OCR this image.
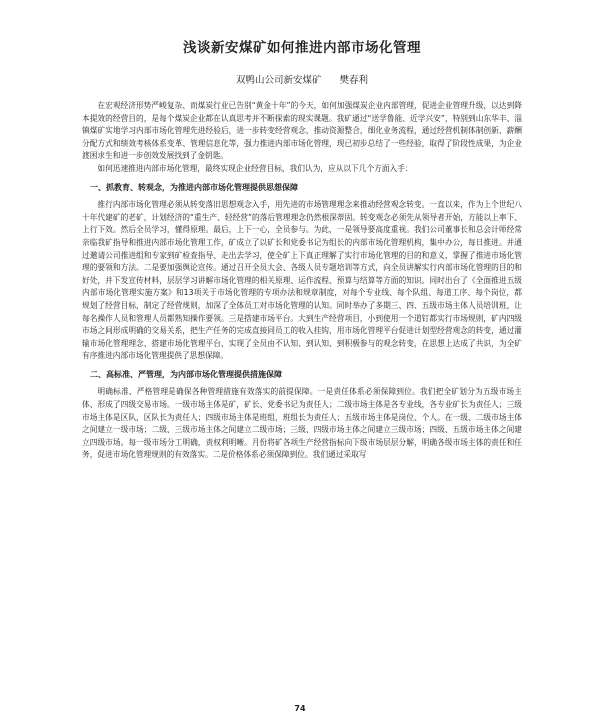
浅谈新安煤矿如何推进内部市场化管理
双鸭山公司新安煤矿 樊春利

在宏观经济形势严峻复杂、而煤炭行业已告别“黄金十年”的今天，如何加强煤炭企业内部管理，促进企业管理升级，以达到降本提效的经营目的，是每个煤炭企业都在认真思考并不断探索的现实课题。我矿通过“送学鲁能、近学兴安”，特别到山东华丰、淄镇煤矿实地学习内部市场化管理先进经验后，进一步转变经营观念，推动资源整合，细化业务流程，通过经营机制体制创新、薪酬分配方式和绩效考核体系变革、管理信息化等，强力推进内部市场化管理，现已初步总结了一些经验，取得了阶段性成果，为企业渡困求生和进一步创效发展找到了金钥匙。

如何迅速推进内部市场化管理，最终实现企业经营目标，我们认为，应从以下几个方面入手：

一、抓教育、转观念，为推进内部市场化管理提供思想保障

推行内部市场化管理必须从转变落旧思想观念入手，用先进的市场管理理念来推动经营观念转变。一直以来，作为上个世纪八十年代建矿的老矿，计划经济的“重生产、轻经营”的落后管理理念仍然根深蒂固。转变观念必须先从领导者开始，方能以上率下、上行下效。然后全员学习，懂得原理。最后，上下一心，全员参与。为此，一是领导要高度重视。我们公司董事长和总会计师经常亲临我矿指导和推进内部市场化管理工作，矿成立了以矿长和党委书记为组长的内部市场化管理机构，集中办公，每日推进。并通过邀请公司推进组和专家到矿检查指导、走出去学习，使全矿上下真正理解了实行市场化管理的目的和意义，掌握了推进市场化管理的要领和方法。二是要加强舆论宣传。通过召开全员大会、各级人员专题培训等方式，向全员讲解实行内部市场化管理的目的和好处，并下发宣传材料，层层学习讲解市场化管理的相关原理、运作流程、预算与结算等方面的知识。同时出台了《全面推进五级内部市场化管理实施方案》和13项关于市场化管理的专项办法和规章制度，对每个专业线、每个队组、每道工序、每个岗位，都规划了经营目标，制定了经营规则，加深了全体员工对市场化管理的认知。同时举办了多期三、四、五级市场主体人员培训班，让每名操作人员和管理人员都熟知操作要领。三是搭建市场平台。大到生产经营项目，小到使用一个道钉都实行市场规则，矿内四级市场之间形成明确的交易关系，把生产任务的完成直接同员工的收入挂钩，用市场化管理平台促进计划型经营观念的转变，通过灌输市场化管理理念、搭建市场化管理平台，实现了全员由不认知、到认知、到积极参与的观念转变，在思想上达成了共识，为全矿有序推进内部市场化管理提供了思想保障。

二、高标准、严管理，为内部市场化管理提供措施保障

明确标准、严格管理是确保各种管理措施有效落实的前提保障。一是责任体系必须保障到位。我们把全矿划分为五级市场主体、形成了四级交易市场。一级市场主体是矿，矿长、党委书记为责任人；二级市场主体是各专业线，各专业矿长为责任人；三级市场主体是区队，区队长为责任人；四级市场主体是班组，班组长为责任人；五级市场主体是岗位、个人。在一级、二级市场主体之间建立一级市场；二级、三级市场主体之间建立二级市场；三级、四级市场主体之间建立三级市场；四级、五级市场主体之间建立四级市场。每一级市场分工明确，责权利明晰。月份将矿各项生产经营指标向下级市场层层分解，明确各级市场主体的责任和任务，促进市场化管理规则的有效落实。二是价格体系必须保障到位。我们通过采取写

74
